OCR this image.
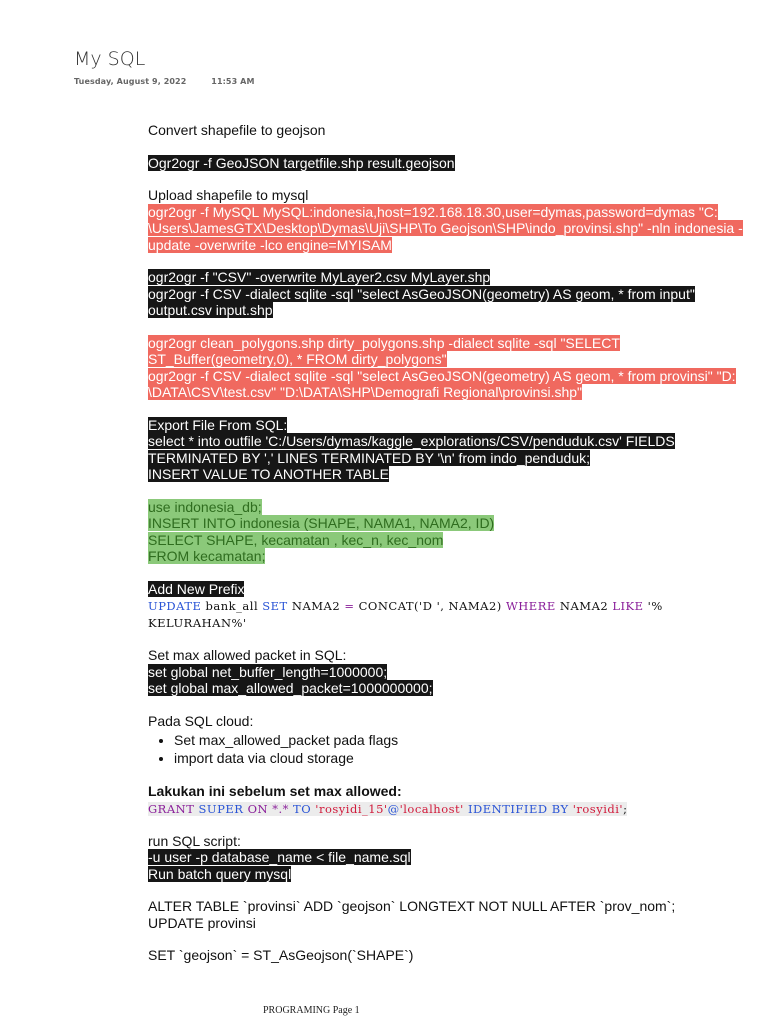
My SQL
Tuesday, August 9, 2022	11:53 AM
Convert shapefile to geojson
Ogr2ogr -f GeoJSON targetfile.shp result.geojson
Upload shapefile to mysql
ogr2ogr -f MySQL MySQL:indonesia,host=192.168.18.30,user=dymas,password=dymas "C:
\Users\JamesGTX\Desktop\Dymas\Uji\SHP\To Geojson\SHP\indo_provinsi.shp" -nln indonesia -
update -overwrite -lco engine=MYISAM
ogr2ogr -f "CSV" -overwrite MyLayer2.csv MyLayer.shp
ogr2ogr -f CSV -dialect sqlite -sql "select AsGeoJSON(geometry) AS geom, * from input"
output.csv input.shp
ogr2ogr clean_polygons.shp dirty_polygons.shp -dialect sqlite -sql "SELECT
ST_Buffer(geometry,0), * FROM dirty_polygons"
ogr2ogr -f CSV -dialect sqlite -sql "select AsGeoJSON(geometry) AS geom, * from provinsi" "D:
\DATA\CSV\test.csv" "D:\DATA\SHP\Demografi Regional\provinsi.shp"
Export File From SQL:
select * into outfile 'C:/Users/dymas/kaggle_explorations/CSV/penduduk.csv' FIELDS
TERMINATED BY ',' LINES TERMINATED BY '\n' from indo_penduduk;
INSERT VALUE TO ANOTHER TABLE
use indonesia_db;
INSERT INTO indonesia (SHAPE, NAMA1, NAMA2, ID)
SELECT SHAPE, kecamatan , kec_n, kec_nom
FROM kecamatan;
Add New Prefix
UPDATE bank_all SET NAMA2 = CONCAT('D ', NAMA2) WHERE NAMA2 LIKE '%
KELURAHAN%'
Set max allowed packet in SQL:
set global net_buffer_length=1000000;
set global max_allowed_packet=1000000000;
Pada SQL cloud:
• Set max_allowed_packet pada flags
• import data via cloud storage
Lakukan ini sebelum set max allowed:
GRANT SUPER ON *.* TO 'rosyidi_15'@'localhost' IDENTIFIED BY 'rosyidi';
run SQL script:
-u user -p database_name < file_name.sql
Run batch query mysql
ALTER TABLE `provinsi` ADD `geojson` LONGTEXT NOT NULL AFTER `prov_nom`;
UPDATE provinsi
SET `geojson` = ST_AsGeojson(`SHAPE`)
PROGRAMING Page 1
